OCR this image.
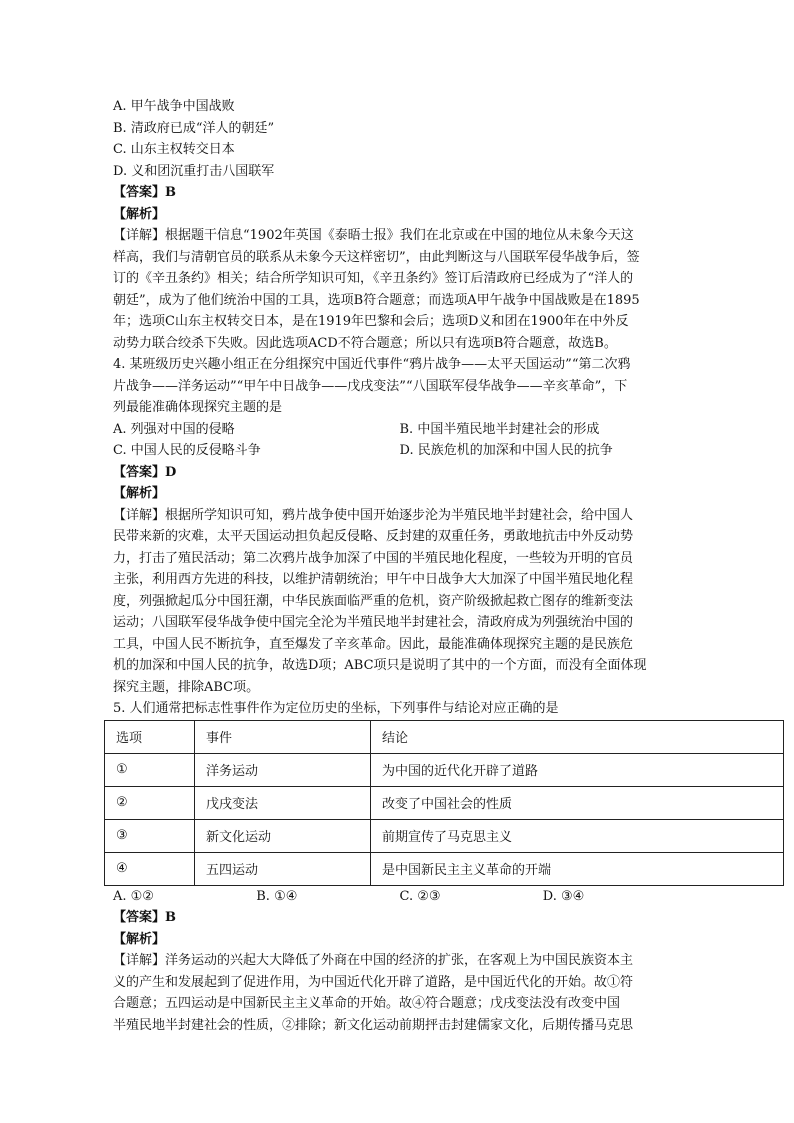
A. 甲午战争中国战败
B. 清政府已成“洋人的朝廷”
C. 山东主权转交日本
D. 义和团沉重打击八国联军
【答案】B
【解析】
【详解】根据题干信息“1902年英国《泰晤士报》我们在北京或在中国的地位从未象今天这
样高，我们与清朝官员的联系从未象今天这样密切”，由此判断这与八国联军侵华战争后，签
订的《辛丑条约》相关；结合所学知识可知，《辛丑条约》签订后清政府已经成为了“洋人的
朝廷”，成为了他们统治中国的工具，选项B符合题意；而选项A甲午战争中国战败是在1895
年；选项C山东主权转交日本，是在1919年巴黎和会后；选项D义和团在1900年在中外反
动势力联合绞杀下失败。因此选项ACD不符合题意；所以只有选项B符合题意，故选B。
4. 某班级历史兴趣小组正在分组探究中国近代事件“鸦片战争——太平天国运动”“第二次鸦
片战争——洋务运动”“甲午中日战争——戊戌变法”“八国联军侵华战争——辛亥革命”，下
列最能准确体现探究主题的是
A. 列强对中国的侵略	B. 中国半殖民地半封建社会的形成
C. 中国人民的反侵略斗争	D. 民族危机的加深和中国人民的抗争
【答案】D
【解析】
【详解】根据所学知识可知，鸦片战争使中国开始逐步沦为半殖民地半封建社会，给中国人
民带来新的灾难，太平天国运动担负起反侵略、反封建的双重任务，勇敢地抗击中外反动势
力，打击了殖民活动；第二次鸦片战争加深了中国的半殖民地化程度，一些较为开明的官员
主张，利用西方先进的科技，以维护清朝统治；甲午中日战争大大加深了中国半殖民地化程
度，列强掀起瓜分中国狂潮，中华民族面临严重的危机，资产阶级掀起救亡图存的维新变法
运动；八国联军侵华战争使中国完全沦为半殖民地半封建社会，清政府成为列强统治中国的
工具，中国人民不断抗争，直至爆发了辛亥革命。因此，最能准确体现探究主题的是民族危
机的加深和中国人民的抗争，故选D项；ABC项只是说明了其中的一个方面，而没有全面体现
探究主题，排除ABC项。
5. 人们通常把标志性事件作为定位历史的坐标，下列事件与结论对应正确的是
选项	事件	结论
①	洋务运动	为中国的近代化开辟了道路
②	戊戌变法	改变了中国社会的性质
③	新文化运动	前期宣传了马克思主义
④	五四运动	是中国新民主主义革命的开端
A. ①②	B. ①④	C. ②③	D. ③④
【答案】B
【解析】
【详解】洋务运动的兴起大大降低了外商在中国的经济的扩张，在客观上为中国民族资本主
义的产生和发展起到了促进作用，为中国近代化开辟了道路，是中国近代化的开始。故①符
合题意；五四运动是中国新民主主义革命的开始。故④符合题意；戊戌变法没有改变中国
半殖民地半封建社会的性质，②排除；新文化运动前期抨击封建儒家文化，后期传播马克思
